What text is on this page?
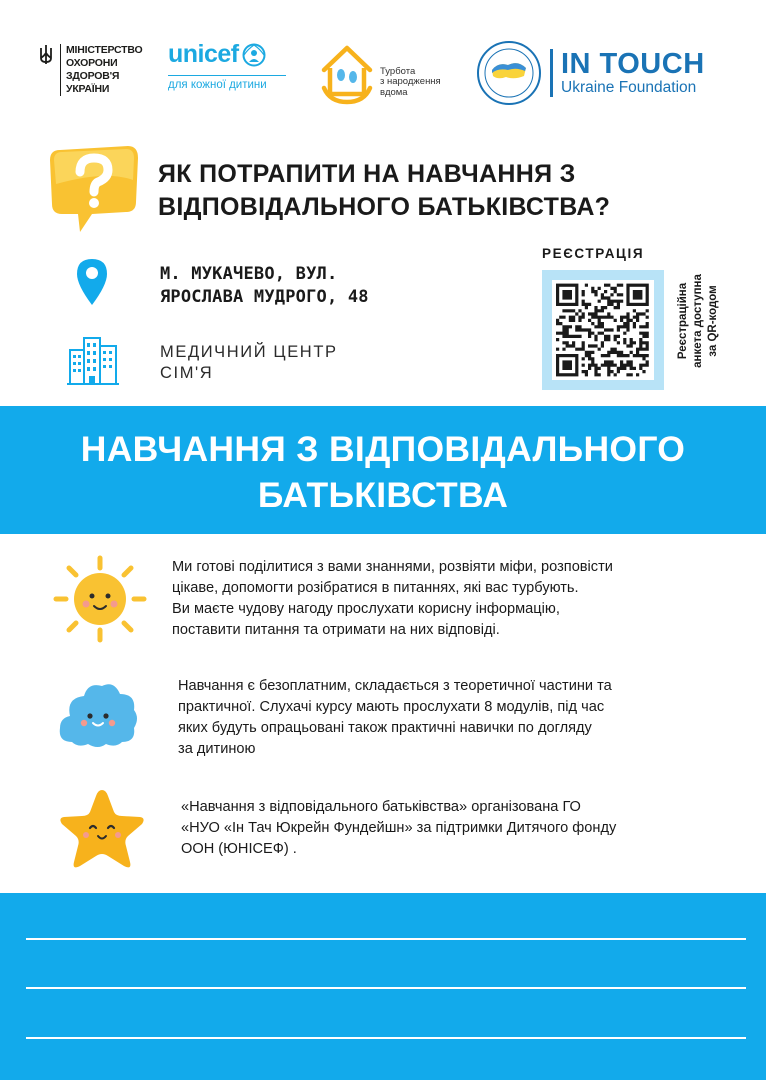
МІНІСТЕРСТВО
ОХОРОНИ
ЗДОРОВ'Я
УКРАЇНИ
unicef
для кожної дитини
Турбота
з народження
вдома
IN TOUCH
Ukraine Foundation
ЯК ПОТРАПИТИ НА НАВЧАННЯ З
ВІДПОВІДАЛЬНОГО БАТЬКІВСТВА?
М. МУКАЧЕВО, ВУЛ.
ЯРОСЛАВА МУДРОГО, 48
МЕДИЧНИЙ ЦЕНТР
СІМ'Я
РЕЄСТРАЦІЯ
Реєстраційна анкета доступна за QR-кодом
НАВЧАННЯ З ВІДПОВІДАЛЬНОГО
БАТЬКІВСТВА
Ми готові поділитися з вами знаннями, розвіяти міфи, розповісти
цікаве, допомогти розібратися в питаннях, які вас турбують.
Ви маєте чудову нагоду прослухати корисну інформацію,
поставити питання та отримати на них відповіді.
Навчання є безоплатним, складається з теоретичної частини та
практичної. Слухачі курсу мають прослухати 8 модулів, під час
яких будуть опрацьовані також практичні навички по догляду
за дитиною
«Навчання з відповідального батьківства» організована ГО
«НУО «Ін Тач Юкрейн Фундейшн» за підтримки Дитячого фонду
ООН (ЮНІСЕФ) .
